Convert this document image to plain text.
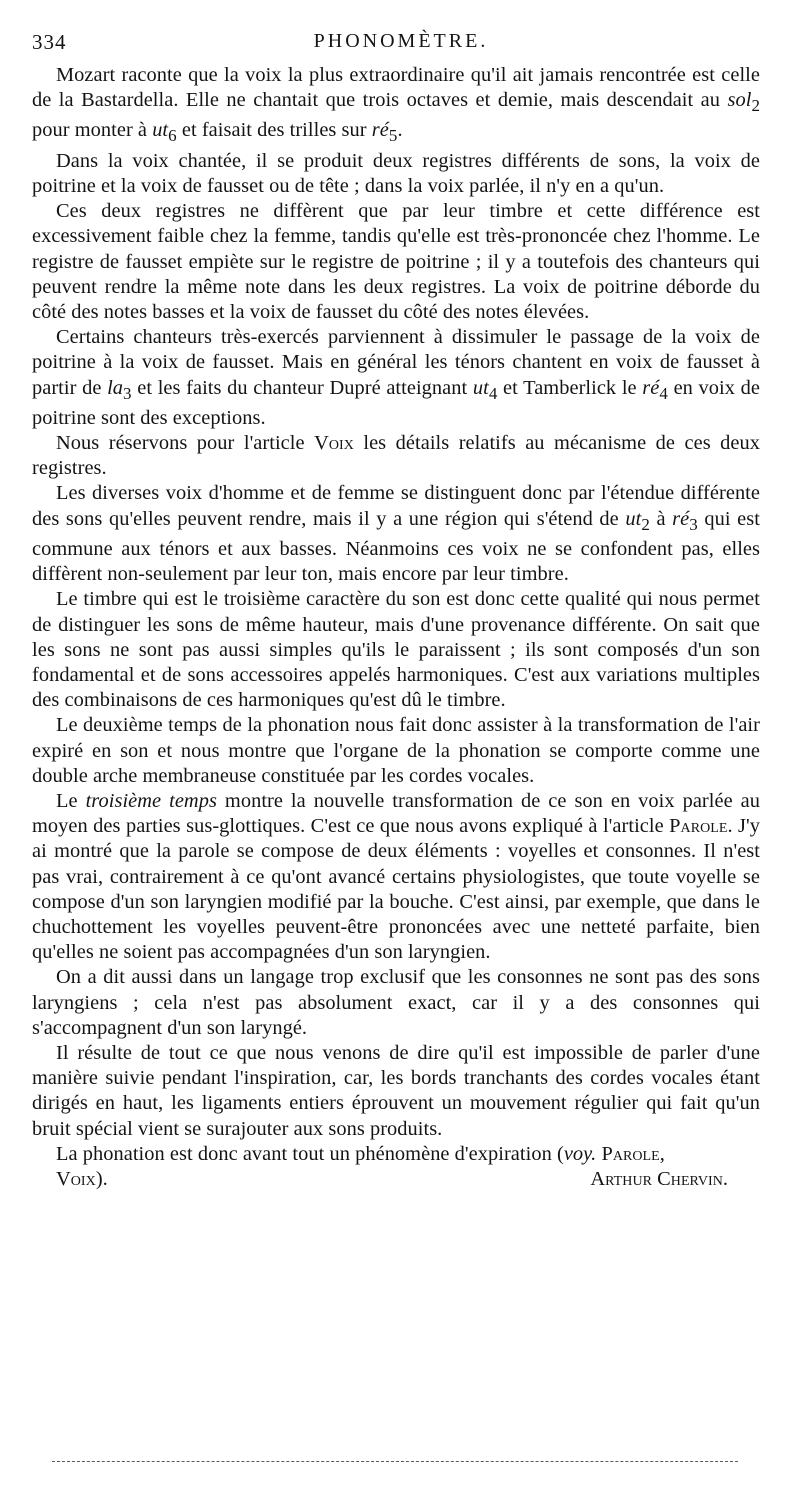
334	PHONOMÈTRE.

Mozart raconte que la voix la plus extraordinaire qu'il ait jamais rencontrée est celle de la Bastardella. Elle ne chantait que trois octaves et demie, mais descendait au sol$_2$ pour monter à $ut_6$ et faisait des trilles sur $ré_5$.

Dans la voix chantée, il se produit deux registres différents de sons, la voix de poitrine et la voix de fausset ou de tête ; dans la voix parlée, il n'y en a qu'un.

Ces deux registres ne diffèrent que par leur timbre et cette différence est excessivement faible chez la femme, tandis qu'elle est très-prononcée chez l'homme. Le registre de fausset empiète sur le registre de poitrine ; il y a toutefois des chanteurs qui peuvent rendre la même note dans les deux registres. La voix de poitrine déborde du côté des notes basses et la voix de fausset du côté des notes élevées.

Certains chanteurs très-exercés parviennent à dissimuler le passage de la voix de poitrine à la voix de fausset. Mais en général les ténors chantent en voix de fausset à partir de $la_3$ et les faits du chanteur Dupré atteignant $ut_4$ et Tamberlick le $ré_4$ en voix de poitrine sont des exceptions.

Nous réservons pour l'article Voix les détails relatifs au mécanisme de ces deux registres.

Les diverses voix d'homme et de femme se distinguent donc par l'étendue différente des sons qu'elles peuvent rendre, mais il y a une région qui s'étend de $ut_2$ à $ré_3$ qui est commune aux ténors et aux basses. Néanmoins ces voix ne se confondent pas, elles diffèrent non-seulement par leur ton, mais encore par leur timbre.

Le timbre qui est le troisième caractère du son est donc cette qualité qui nous permet de distinguer les sons de même hauteur, mais d'une provenance différente. On sait que les sons ne sont pas aussi simples qu'ils le paraissent ; ils sont composés d'un son fondamental et de sons accessoires appelés harmoniques. C'est aux variations multiples des combinaisons de ces harmoniques qu'est dû le timbre.

Le deuxième temps de la phonation nous fait donc assister à la transformation de l'air expiré en son et nous montre que l'organe de la phonation se comporte comme une double arche membraneuse constituée par les cordes vocales.

Le troisième temps montre la nouvelle transformation de ce son en voix parlée au moyen des parties sus-glottiques. C'est ce que nous avons expliqué à l'article Parole. J'y ai montré que la parole se compose de deux éléments : voyelles et consonnes. Il n'est pas vrai, contrairement à ce qu'ont avancé certains physiologistes, que toute voyelle se compose d'un son laryngien modifié par la bouche. C'est ainsi, par exemple, que dans le chuchottement les voyelles peuvent-être prononcées avec une netteté parfaite, bien qu'elles ne soient pas accompagnées d'un son laryngien.

On a dit aussi dans un langage trop exclusif que les consonnes ne sont pas des sons laryngiens ; cela n'est pas absolument exact, car il y a des consonnes qui s'accompagnent d'un son laryngé.

Il résulte de tout ce que nous venons de dire qu'il est impossible de parler d'une manière suivie pendant l'inspiration, car, les bords tranchants des cordes vocales étant dirigés en haut, les ligaments entiers éprouvent un mouvement régulier qui fait qu'un bruit spécial vient se surajouter aux sons produits.

La phonation est donc avant tout un phénomène d'expiration (voy. Parole,

Voix).	Arthur Chervin.
